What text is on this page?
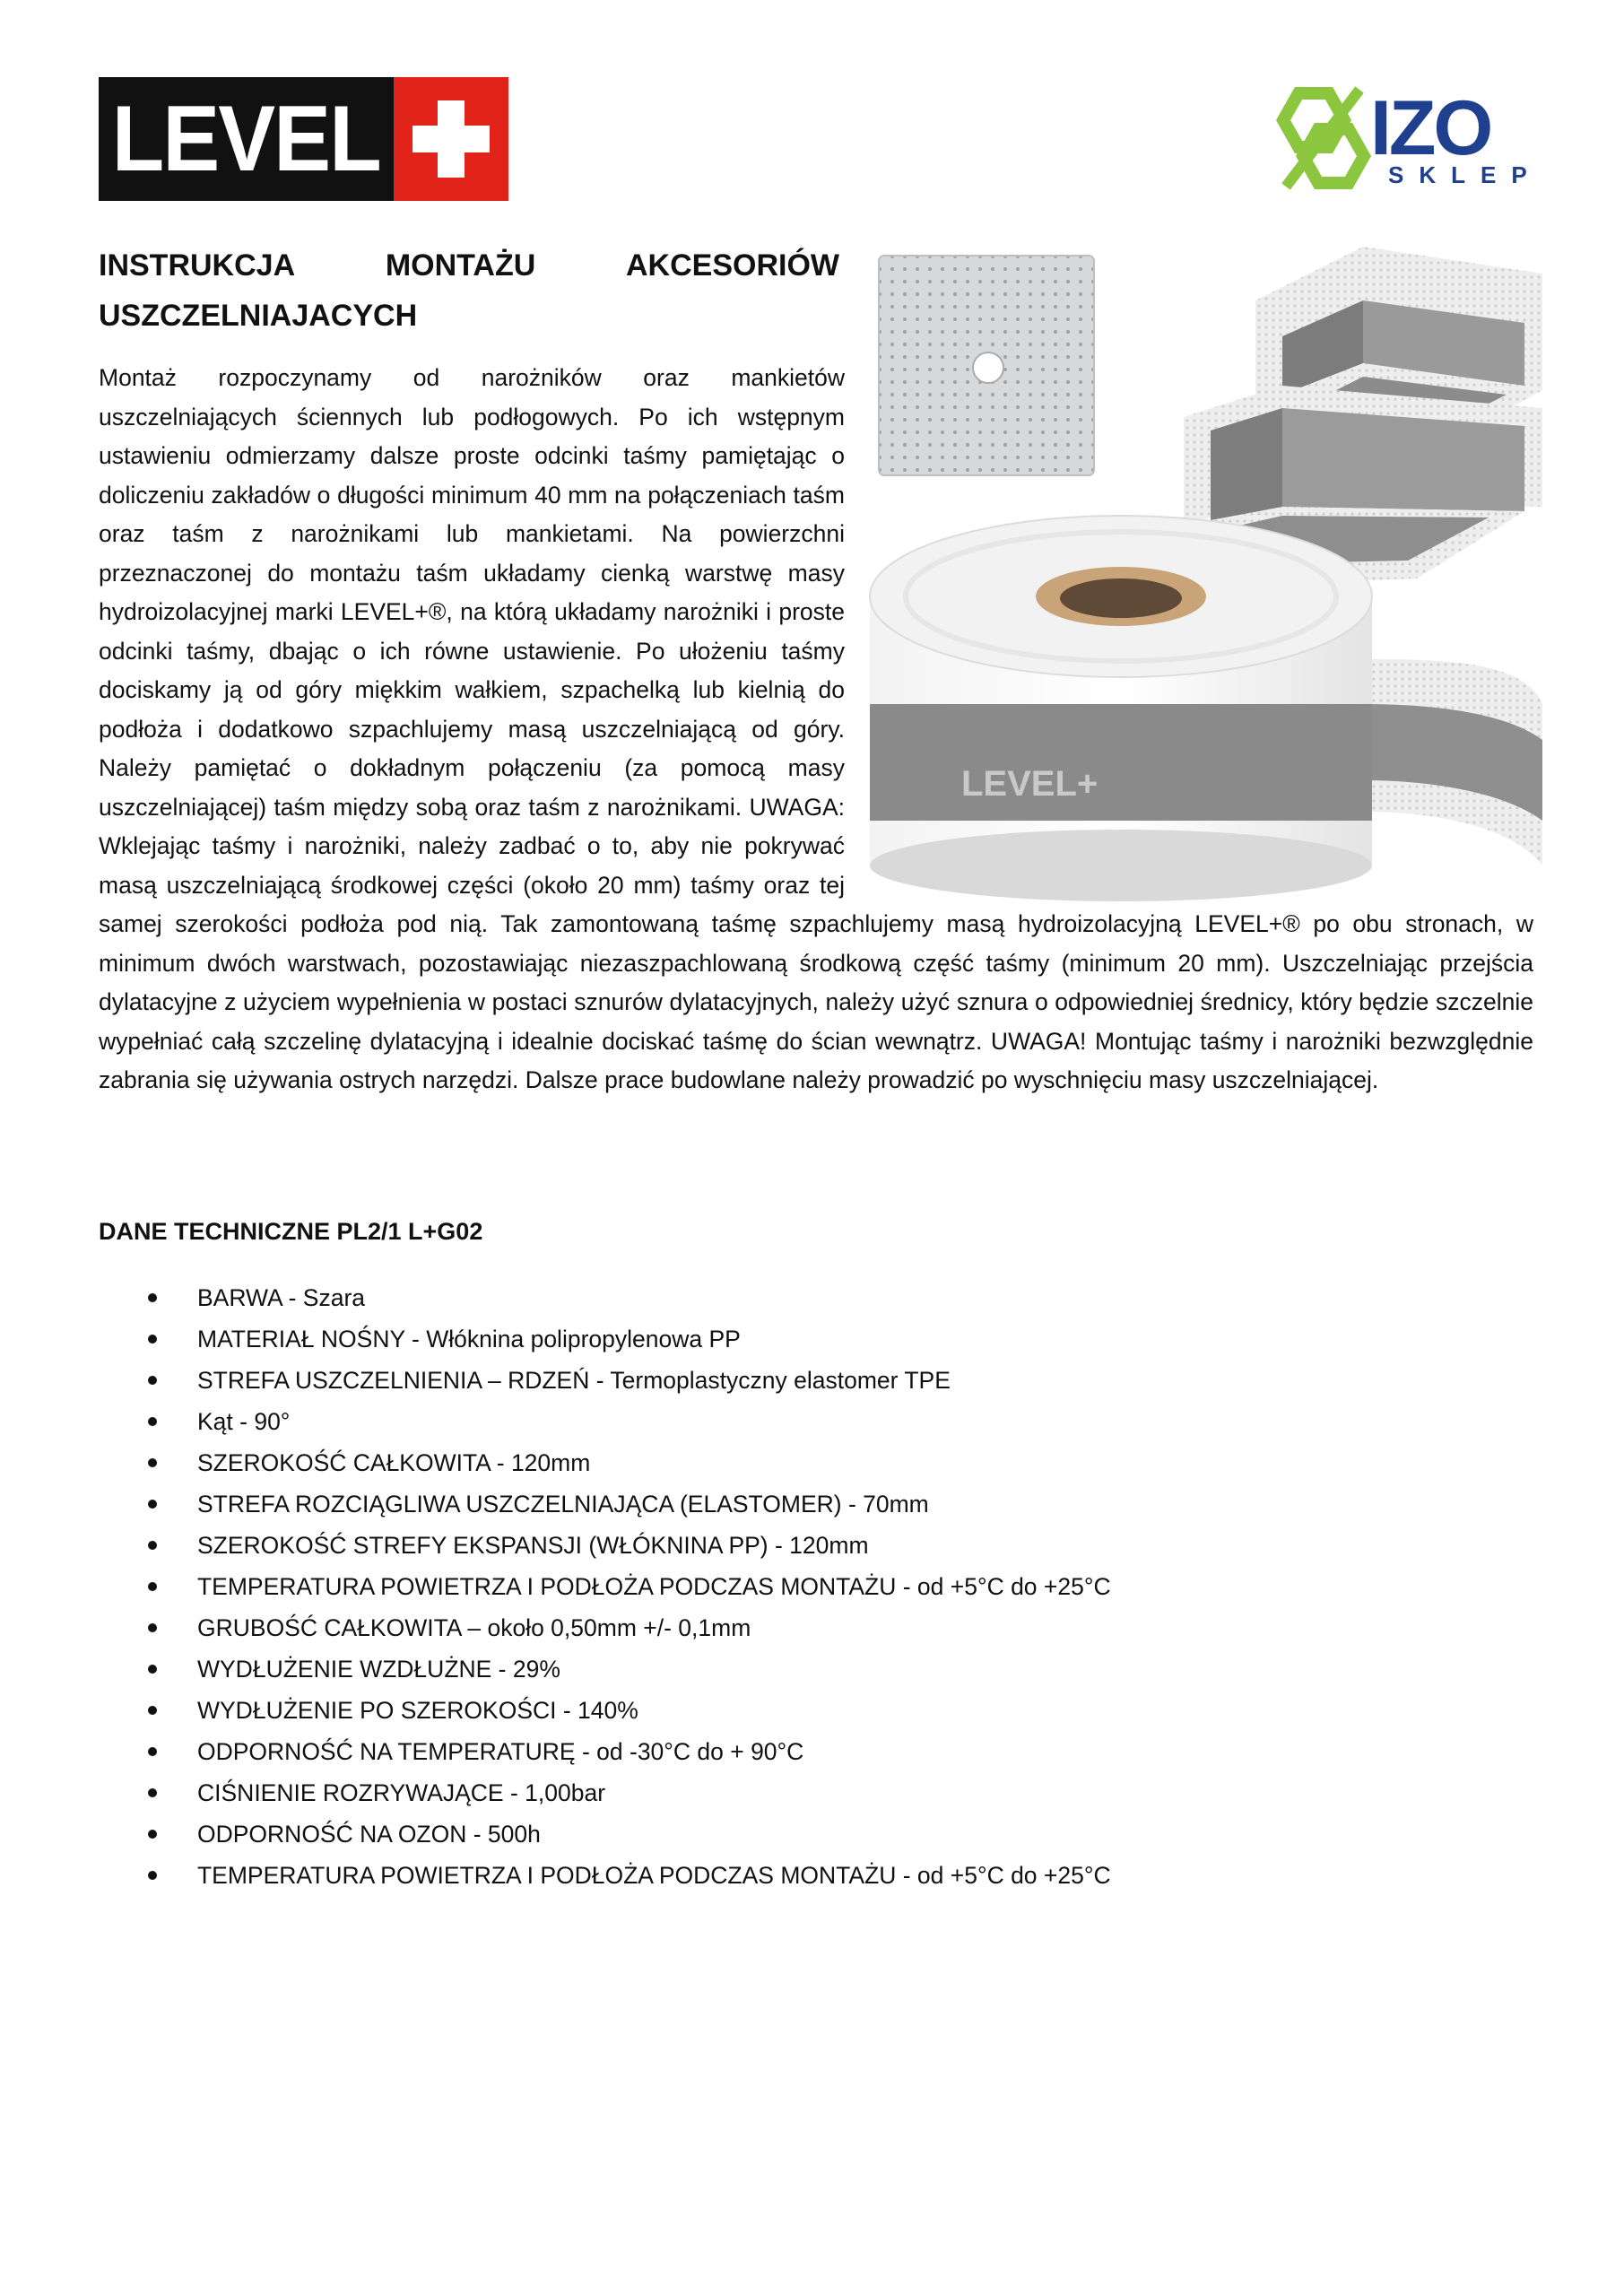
LEVEL	IZO
SKLEP
LEVEL+
INSTRUKCJA MONTAŻU AKCESORIÓW USZCZELNIAJACYCH
Montaż rozpoczynamy od narożników oraz mankietów uszczelniających ściennych lub podłogowych. Po ich wstępnym ustawieniu odmierzamy dalsze proste odcinki taśmy pamiętając o doliczeniu zakładów o długości minimum 40 mm na połączeniach taśm oraz taśm z narożnikami lub mankietami. Na powierzchni przeznaczonej do montażu taśm układamy cienką warstwę masy hydroizolacyjnej marki LEVEL+®, na którą układamy narożniki i proste odcinki taśmy, dbając o ich równe ustawienie. Po ułożeniu taśmy dociskamy ją od góry miękkim wałkiem, szpachelką lub kielnią do podłoża i dodatkowo szpachlujemy masą uszczelniającą od góry. Należy pamiętać o dokładnym połączeniu (za pomocą masy uszczelniającej) taśm między sobą oraz taśm z narożnikami. UWAGA: Wklejając taśmy i narożniki, należy zadbać o to, aby nie pokrywać masą uszczelniającą środkowej części (około 20 mm) taśmy oraz tej samej szerokości podłoża pod nią. Tak zamontowaną taśmę szpachlujemy masą hydroizolacyjną LEVEL+® po obu stronach, w minimum dwóch warstwach, pozostawiając niezaszpachlowaną środkową część taśmy (minimum 20 mm). Uszczelniając przejścia dylatacyjne z użyciem wypełnienia w postaci sznurów dylatacyjnych, należy użyć sznura o odpowiedniej średnicy, który będzie szczelnie wypełniać całą szczelinę dylatacyjną i idealnie dociskać taśmę do ścian wewnątrz. UWAGA! Montując taśmy i narożniki bezwzględnie zabrania się używania ostrych narzędzi. Dalsze prace budowlane należy prowadzić po wyschnięciu masy uszczelniającej.
DANE TECHNICZNE PL2/1 L+G02
BARWA - Szara
MATERIAŁ NOŚNY - Włóknina polipropylenowa PP
STREFA USZCZELNIENIA – RDZEŃ - Termoplastyczny elastomer TPE
Kąt - 90°
SZEROKOŚĆ CAŁKOWITA - 120mm
STREFA ROZCIĄGLIWA USZCZELNIAJĄCA (ELASTOMER) - 70mm
SZEROKOŚĆ STREFY EKSPANSJI (WŁÓKNINA PP) - 120mm
TEMPERATURA POWIETRZA I PODŁOŻA PODCZAS MONTAŻU - od +5°C do +25°C
GRUBOŚĆ CAŁKOWITA – około 0,50mm +/- 0,1mm
WYDŁUŻENIE WZDŁUŻNE - 29%
WYDŁUŻENIE PO SZEROKOŚCI - 140%
ODPORNOŚĆ NA TEMPERATURĘ - od -30°C do + 90°C
CIŚNIENIE ROZRYWAJĄCE - 1,00bar
ODPORNOŚĆ NA OZON - 500h
TEMPERATURA POWIETRZA I PODŁOŻA PODCZAS MONTAŻU - od +5°C do +25°C
